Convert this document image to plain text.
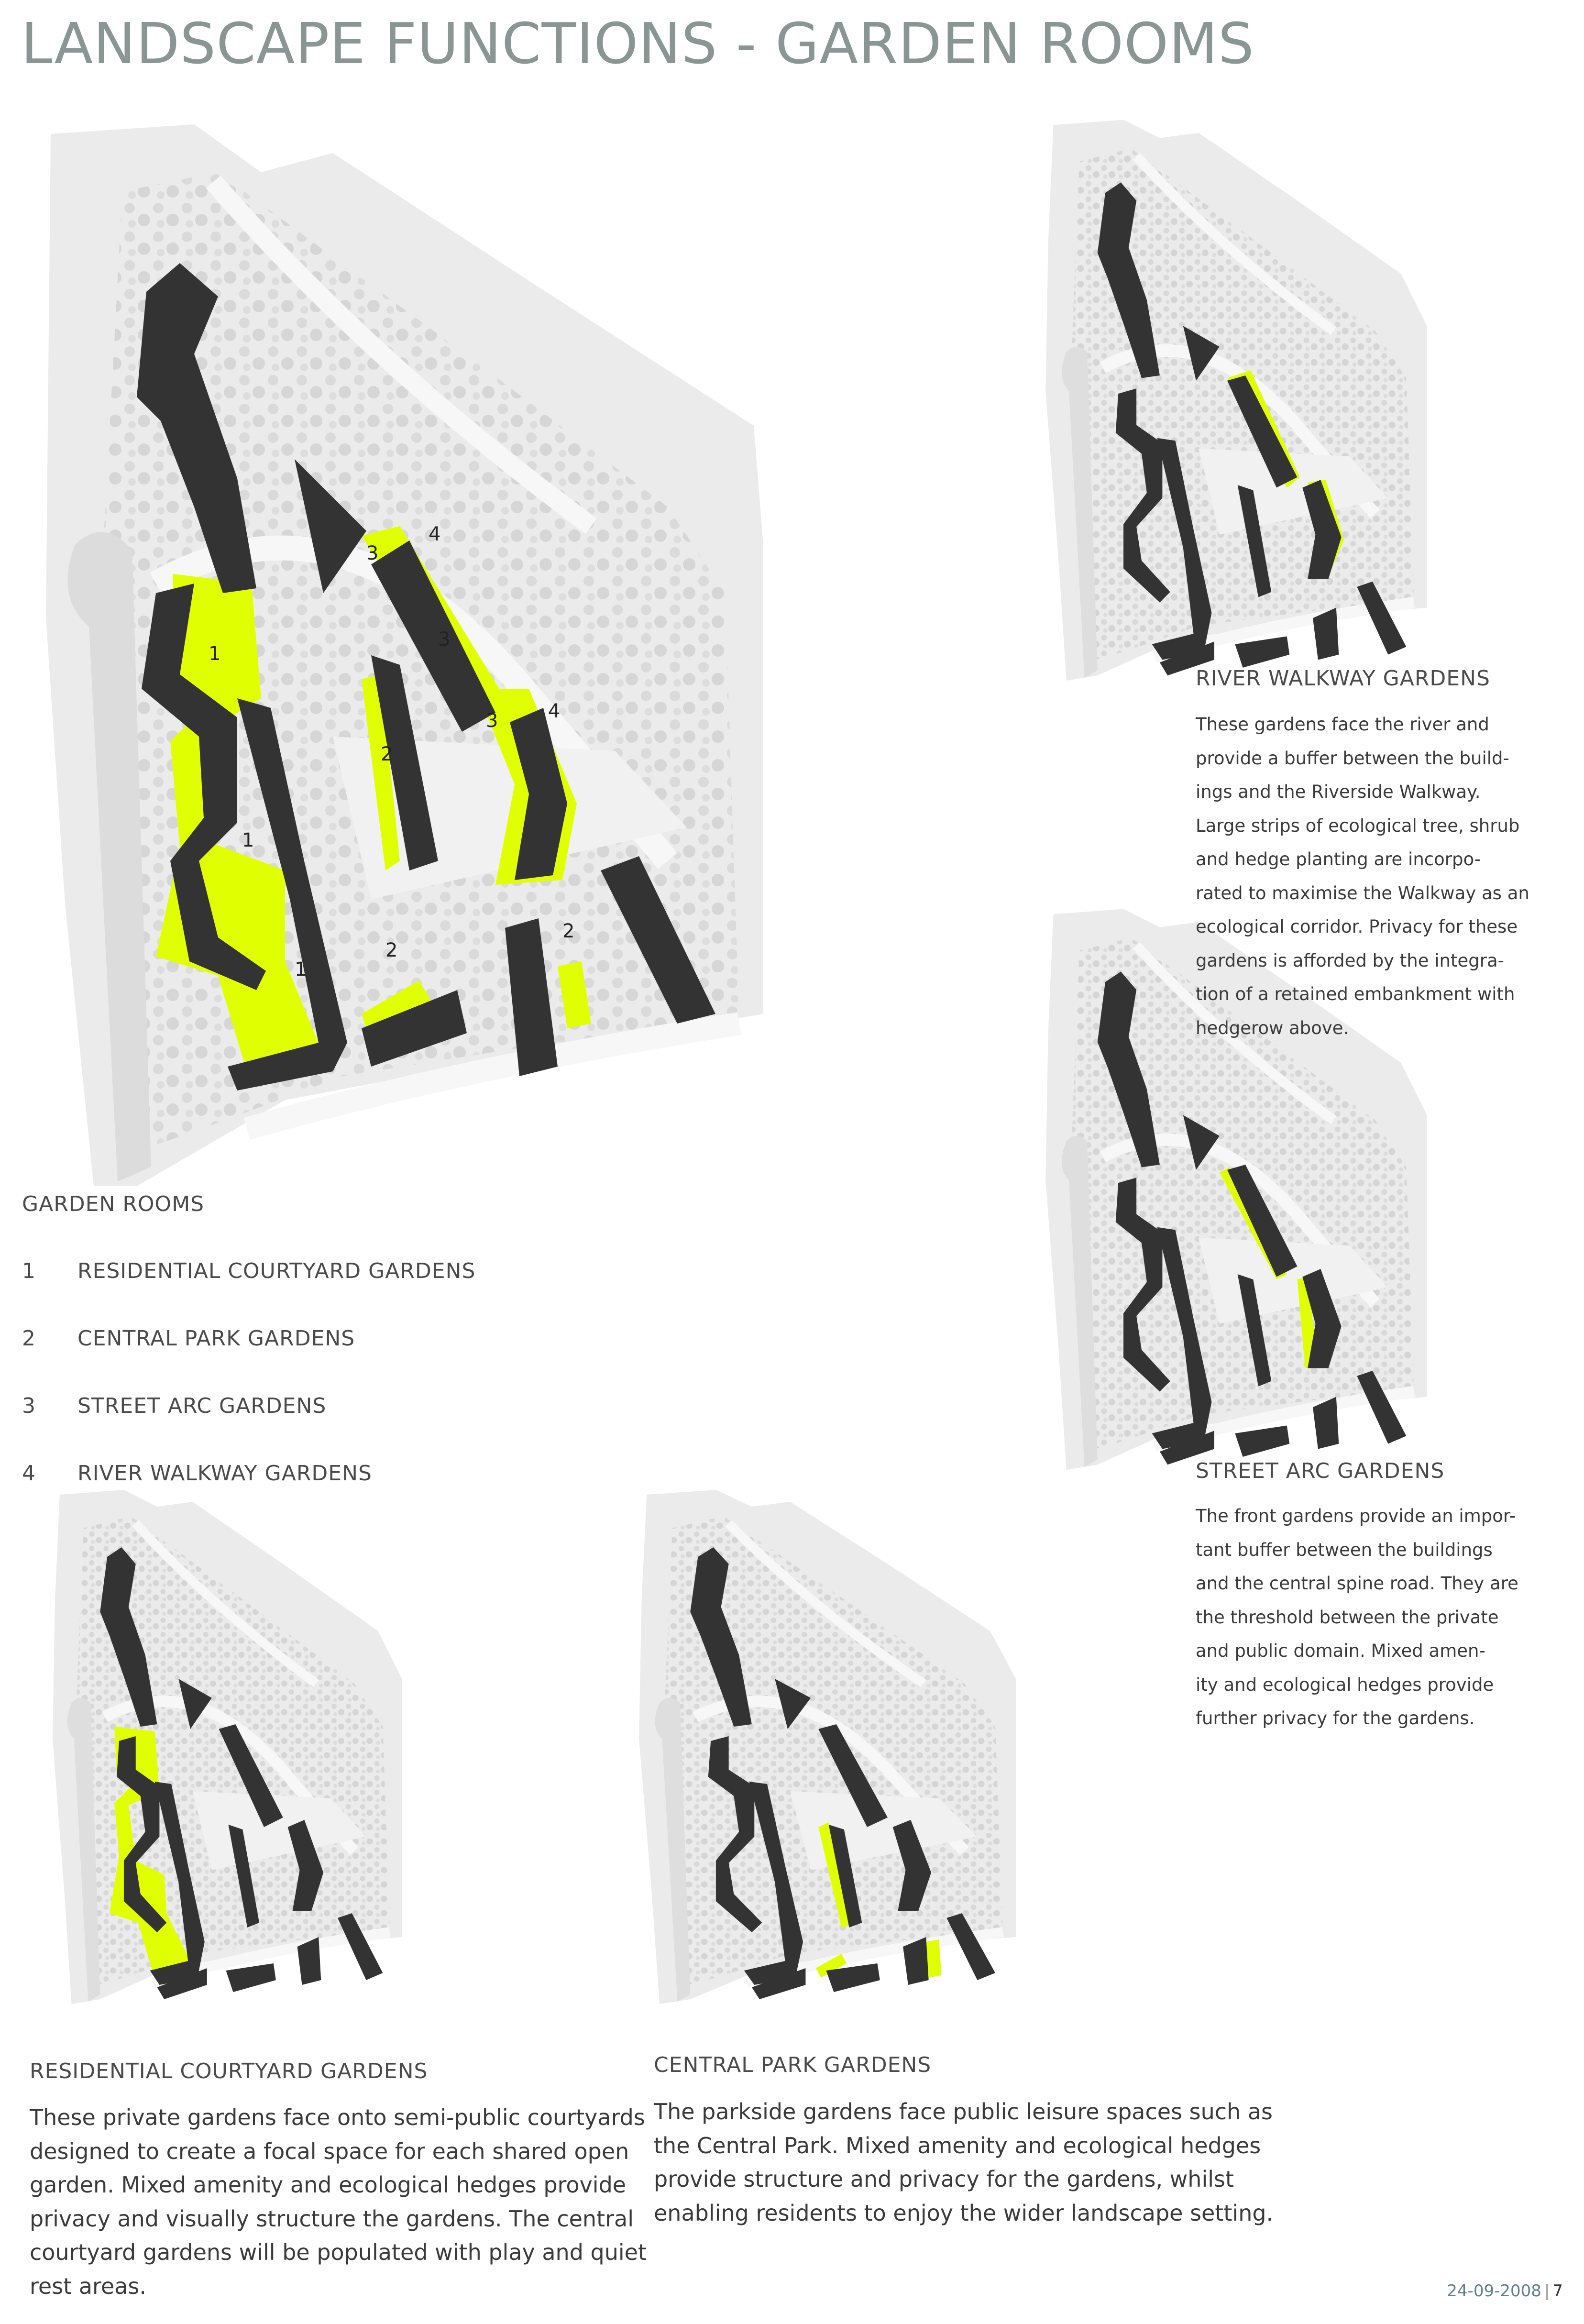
LANDSCAPE FUNCTIONS - GARDEN ROOMS
1
1
1
2
2
2
3
3
3
4
4
GARDEN ROOMS
1 RESIDENTIAL COURTYARD GARDENS
2 CENTRAL PARK GARDENS
3 STREET ARC GARDENS
4 RIVER WALKWAY GARDENS
RIVER WALKWAY GARDENS
These gardens face the river and
provide a buffer between the build-
ings and the Riverside Walkway.
Large strips of ecological tree, shrub
and hedge planting are incorpo-
rated to maximise the Walkway as an
ecological corridor. Privacy for these
gardens is afforded by the integra-
tion of a retained embankment with
hedgerow above.
STREET ARC GARDENS
The front gardens provide an impor-
tant buffer between the buildings
and the central spine road. They are
the threshold between the private
and public domain. Mixed amen-
ity and ecological hedges provide
further privacy for the gardens.
RESIDENTIAL COURTYARD GARDENS
These private gardens face onto semi-public courtyards
designed to create a focal space for each shared open
garden. Mixed amenity and ecological hedges provide
privacy and visually structure the gardens. The central
courtyard gardens will be populated with play and quiet
rest areas.
CENTRAL PARK GARDENS
The parkside gardens face public leisure spaces such as
the Central Park. Mixed amenity and ecological hedges
provide structure and privacy for the gardens, whilst
enabling residents to enjoy the wider landscape setting.
24-09-2008 | 7
